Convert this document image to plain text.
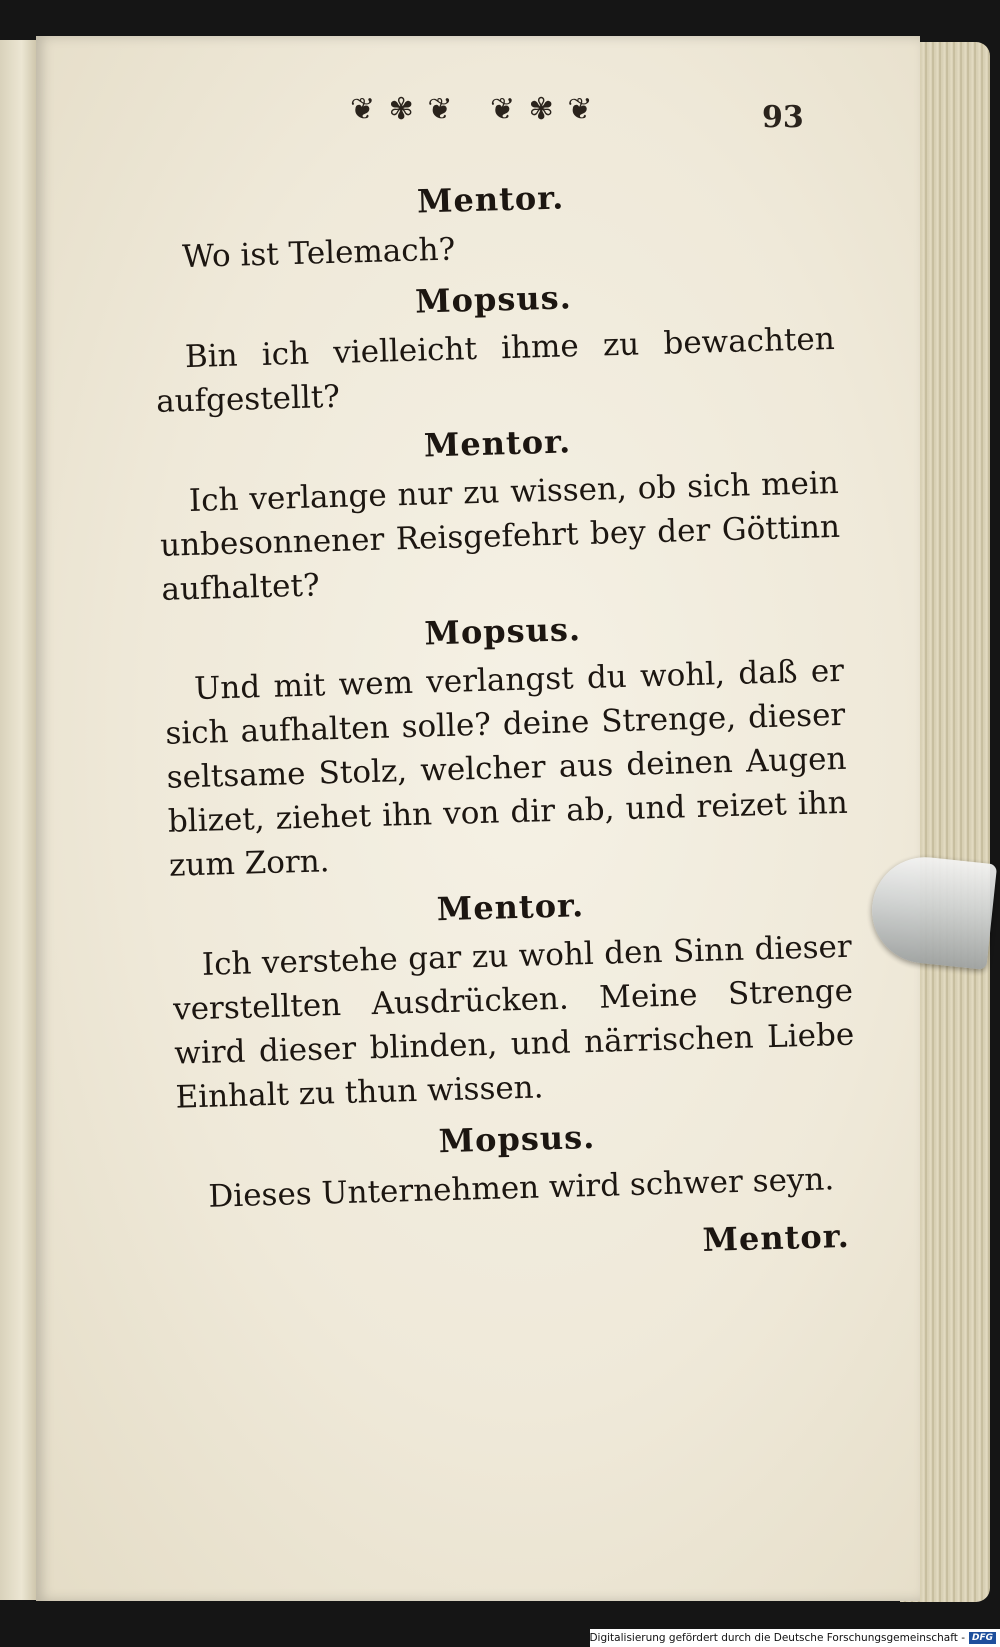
❦ ✾ ❦ ❦ ✾ ❦	93
Mentor.

Wo ist Telemach?

Mopsus.

Bin ich vielleicht ihme zu bewachten aufgestellt?

Mentor.

Ich verlange nur zu wissen, ob sich mein unbesonnener Reisgefehrt bey der Göttinn aufhaltet?

Mopsus.

Und mit wem verlangst du wohl, daß er sich aufhalten solle? deine Strenge, dieser seltsame Stolz, welcher aus deinen Augen blizet, ziehet ihn von dir ab, und reizet ihn zum Zorn.

Mentor.

Ich verstehe gar zu wohl den Sinn dieser verstellten Ausdrücken. Meine Strenge wird dieser blinden, und närrischen Liebe Einhalt zu thun wissen.

Mopsus.

Dieses Unternehmen wird schwer seyn.

Mentor.
Digitalisierung gefördert durch die Deutsche Forschungsgemeinschaft - DFG
